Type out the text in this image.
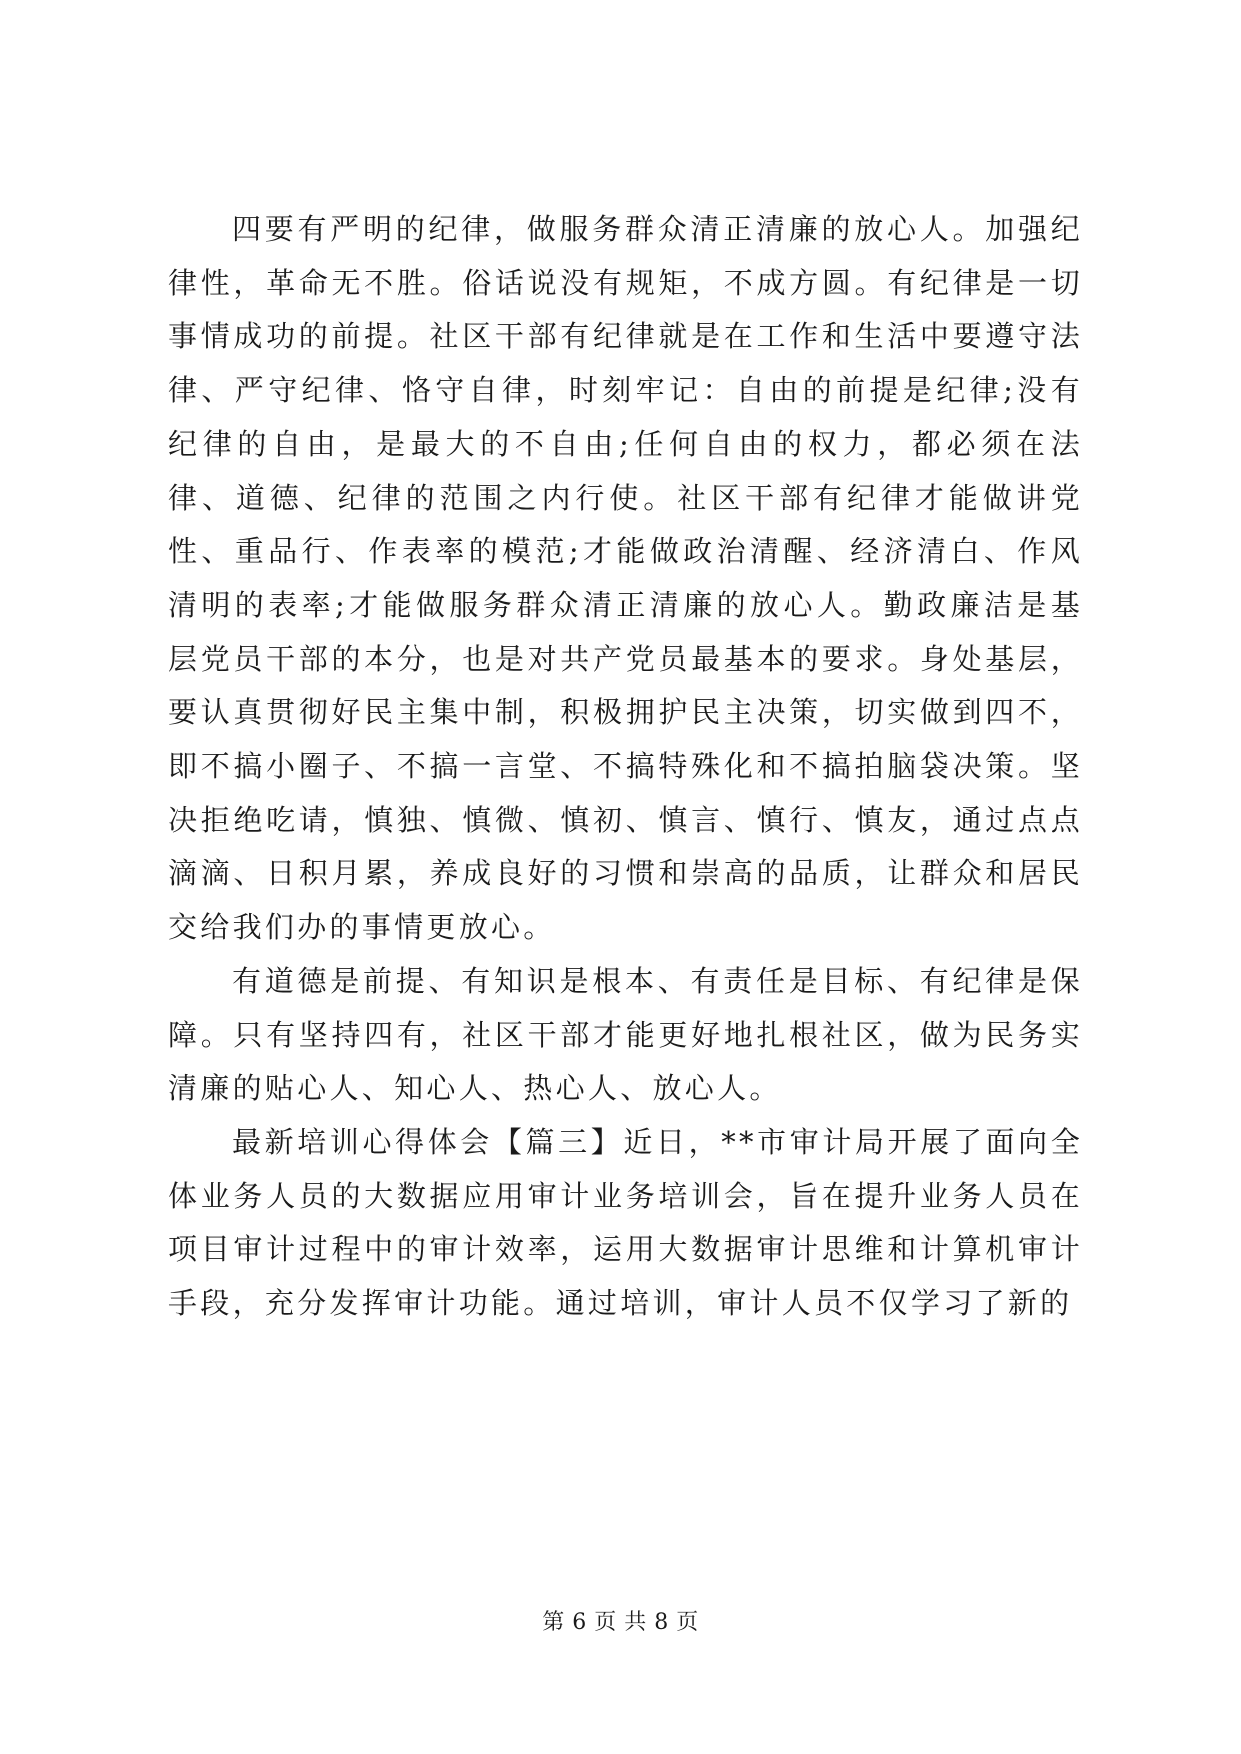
四要有严明的纪律，做服务群众清正清廉的放心人。加强纪律性，革命无不胜。俗话说没有规矩，不成方圆。有纪律是一切事情成功的前提。社区干部有纪律就是在工作和生活中要遵守法律、严守纪律、恪守自律，时刻牢记：自由的前提是纪律;没有纪律的自由，是最大的不自由;任何自由的权力，都必须在法律、道德、纪律的范围之内行使。社区干部有纪律才能做讲党性、重品行、作表率的模范;才能做政治清醒、经济清白、作风清明的表率;才能做服务群众清正清廉的放心人。勤政廉洁是基层党员干部的本分，也是对共产党员最基本的要求。身处基层，要认真贯彻好民主集中制，积极拥护民主决策，切实做到四不，即不搞小圈子、不搞一言堂、不搞特殊化和不搞拍脑袋决策。坚决拒绝吃请，慎独、慎微、慎初、慎言、慎行、慎友，通过点点滴滴、日积月累，养成良好的习惯和崇高的品质，让群众和居民交给我们办的事情更放心。

有道德是前提、有知识是根本、有责任是目标、有纪律是保障。只有坚持四有，社区干部才能更好地扎根社区，做为民务实清廉的贴心人、知心人、热心人、放心人。

最新培训心得体会【篇三】近日，**市审计局开展了面向全体业务人员的大数据应用审计业务培训会，旨在提升业务人员在项目审计过程中的审计效率，运用大数据审计思维和计算机审计手段，充分发挥审计功能。通过培训，审计人员不仅学习了新的

第 6 页 共 8 页
